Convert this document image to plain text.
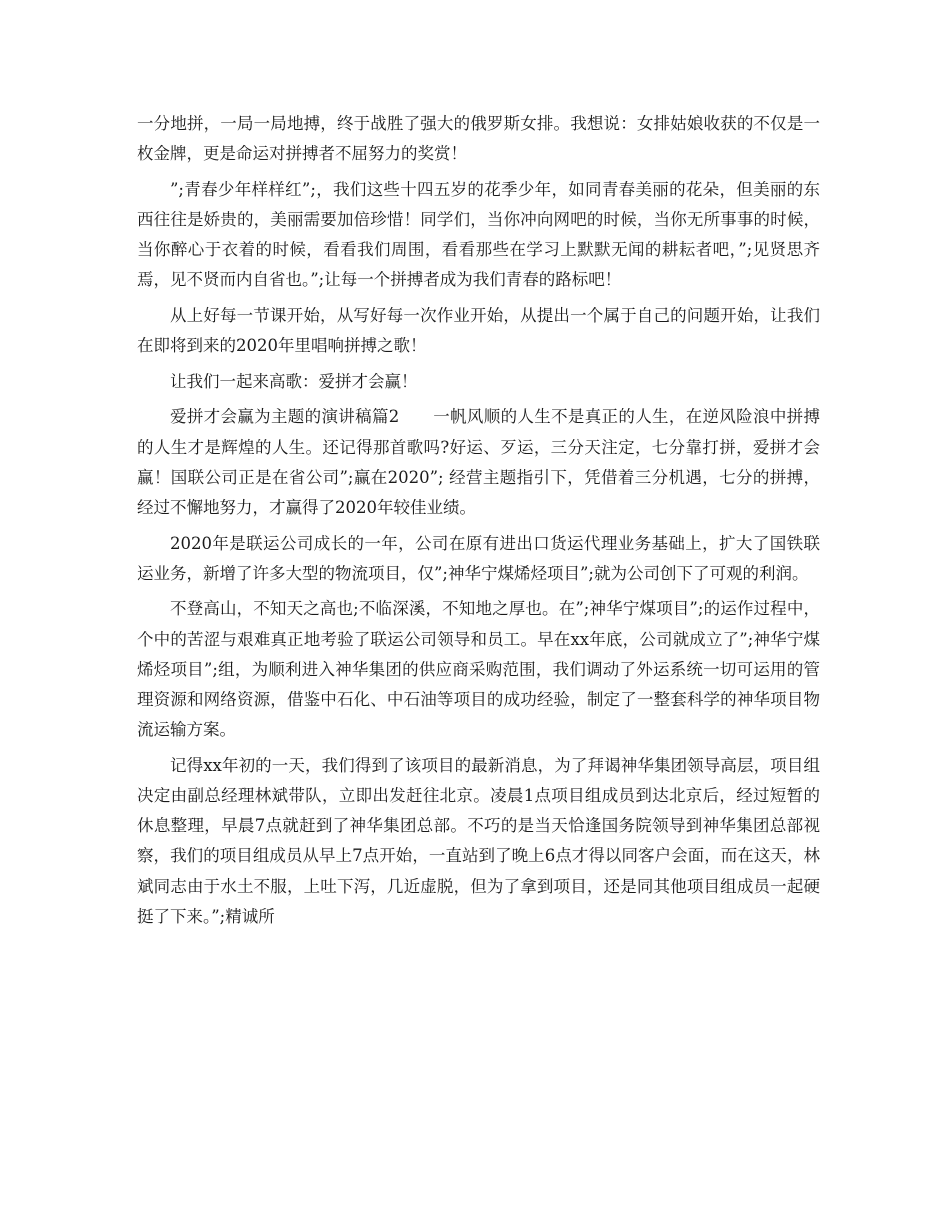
一分地拼，一局一局地搏，终于战胜了强大的俄罗斯女排。我想说：女排姑娘收获的不仅是一枚金牌，更是命运对拼搏者不屈努力的奖赏！

”;青春少年样样红”;，我们这些十四五岁的花季少年，如同青春美丽的花朵，但美丽的东西往往是娇贵的，美丽需要加倍珍惜！同学们，当你冲向网吧的时候，当你无所事事的时候，当你醉心于衣着的时候，看看我们周围，看看那些在学习上默默无闻的耕耘者吧，”;见贤思齐焉，见不贤而内自省也。”;让每一个拼搏者成为我们青春的路标吧！

从上好每一节课开始，从写好每一次作业开始，从提出一个属于自己的问题开始，让我们在即将到来的2020年里唱响拼搏之歌！

让我们一起来高歌：爱拼才会赢！

爱拼才会赢为主题的演讲稿篇2　　一帆风顺的人生不是真正的人生，在逆风险浪中拼搏的人生才是辉煌的人生。还记得那首歌吗?好运、歹运，三分天注定，七分靠打拼，爱拼才会赢！国联公司正是在省公司”;赢在2020”; 经营主题指引下，凭借着三分机遇，七分的拼搏，经过不懈地努力，才赢得了2020年较佳业绩。

2020年是联运公司成长的一年，公司在原有进出口货运代理业务基础上，扩大了国铁联运业务，新增了许多大型的物流项目，仅”;神华宁煤烯烃项目”;就为公司创下了可观的利润。

不登高山，不知天之高也;不临深溪，不知地之厚也。在”;神华宁煤项目”;的运作过程中，个中的苦涩与艰难真正地考验了联运公司领导和员工。早在xx年底，公司就成立了”;神华宁煤烯烃项目”;组，为顺利进入神华集团的供应商采购范围，我们调动了外运系统一切可运用的管理资源和网络资源，借鉴中石化、中石油等项目的成功经验，制定了一整套科学的神华项目物流运输方案。

记得xx年初的一天，我们得到了该项目的最新消息，为了拜谒神华集团领导高层，项目组决定由副总经理林斌带队，立即出发赶往北京。凌晨1点项目组成员到达北京后，经过短暂的休息整理，早晨7点就赶到了神华集团总部。不巧的是当天恰逢国务院领导到神华集团总部视察，我们的项目组成员从早上7点开始，一直站到了晚上6点才得以同客户会面，而在这天，林斌同志由于水土不服，上吐下泻，几近虚脱，但为了拿到项目，还是同其他项目组成员一起硬挺了下来。”;精诚所
